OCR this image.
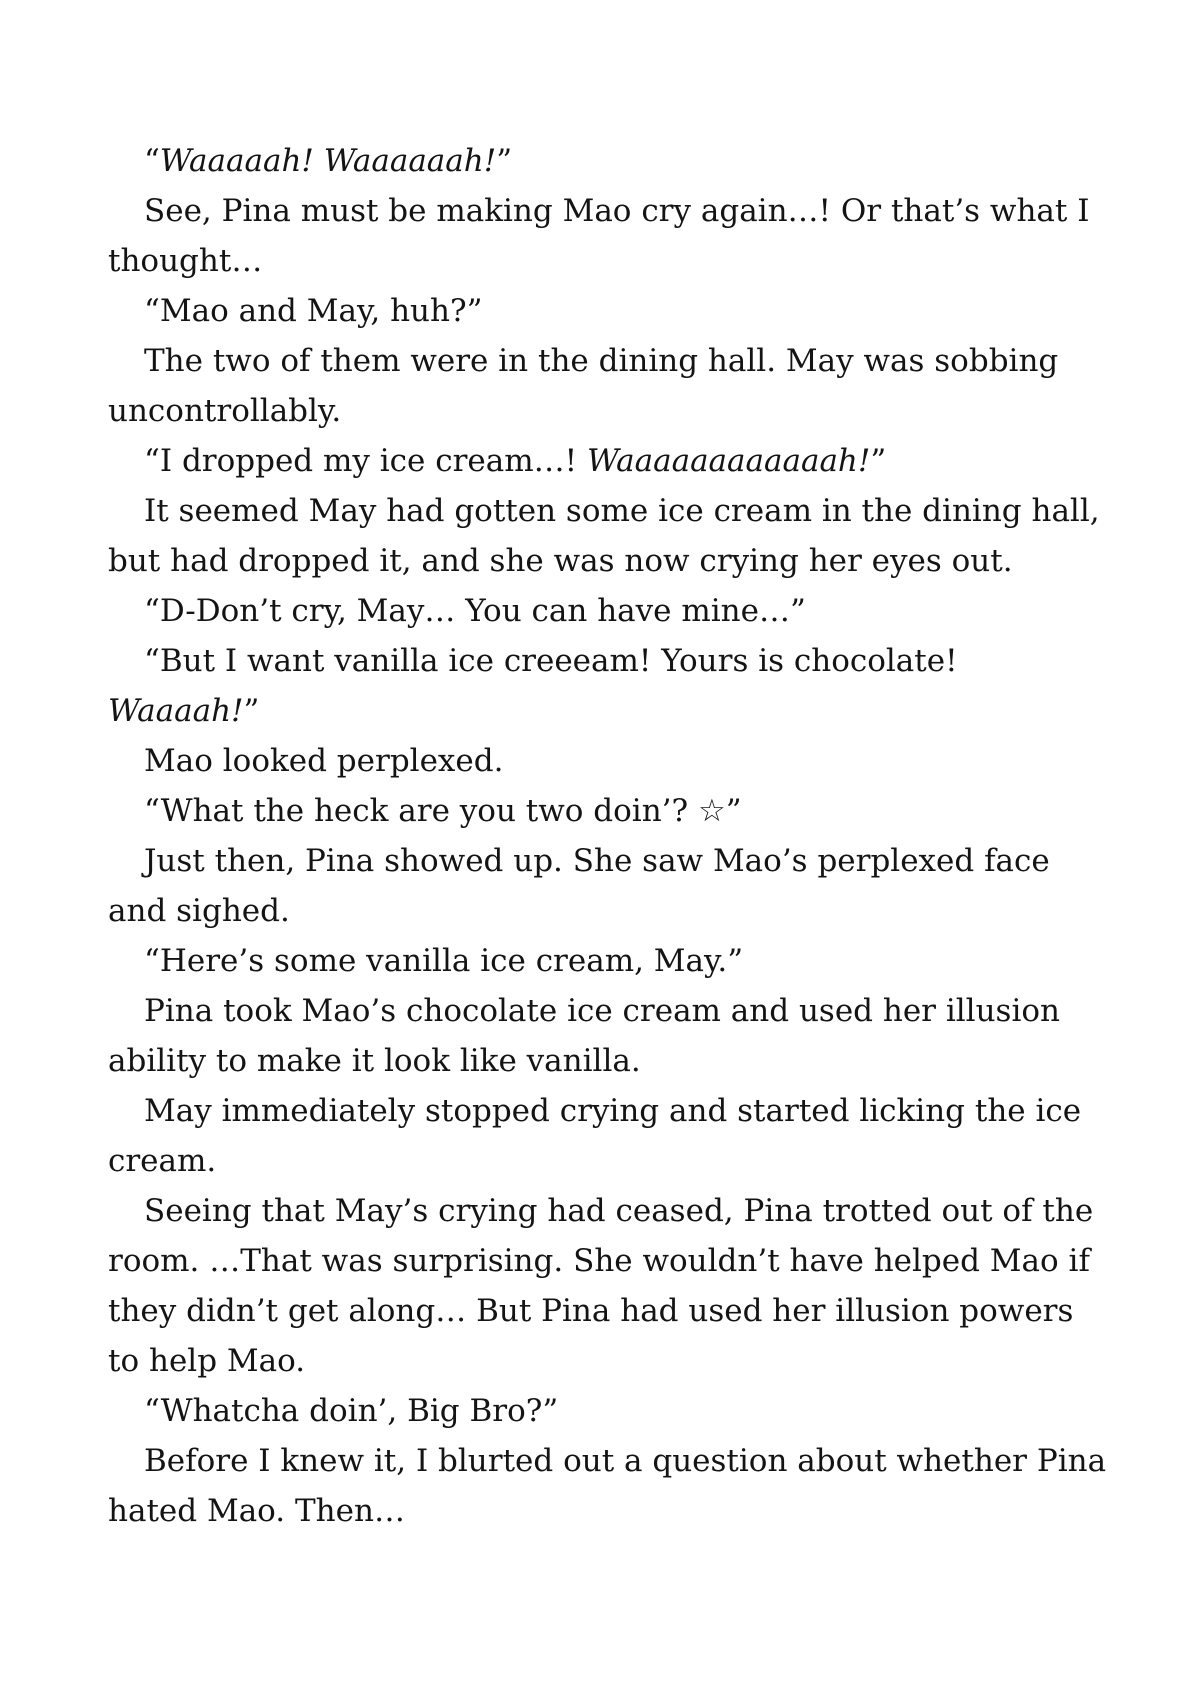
“Waaaaah! Waaaaaah!”

See, Pina must be making Mao cry again…! Or that’s what I thought…

“Mao and May, huh?”

The two of them were in the dining hall. May was sobbing uncontrollably.

“I dropped my ice cream…! Waaaaaaaaaaaah!”

It seemed May had gotten some ice cream in the dining hall, but had dropped it, and she was now crying her eyes out.

“D-Don’t cry, May… You can have mine…”

“But I want vanilla ice creeeam! Yours is chocolate! Waaaah!”

Mao looked perplexed.

“What the heck are you two doin’? ☆”

Just then, Pina showed up. She saw Mao’s perplexed face and sighed.

“Here’s some vanilla ice cream, May.”

Pina took Mao’s chocolate ice cream and used her illusion ability to make it look like vanilla.

May immediately stopped crying and started licking the ice cream.

Seeing that May’s crying had ceased, Pina trotted out of the room. …That was surprising. She wouldn’t have helped Mao if they didn’t get along… But Pina had used her illusion powers to help Mao.

“Whatcha doin’, Big Bro?”

Before I knew it, I blurted out a question about whether Pina hated Mao. Then…
